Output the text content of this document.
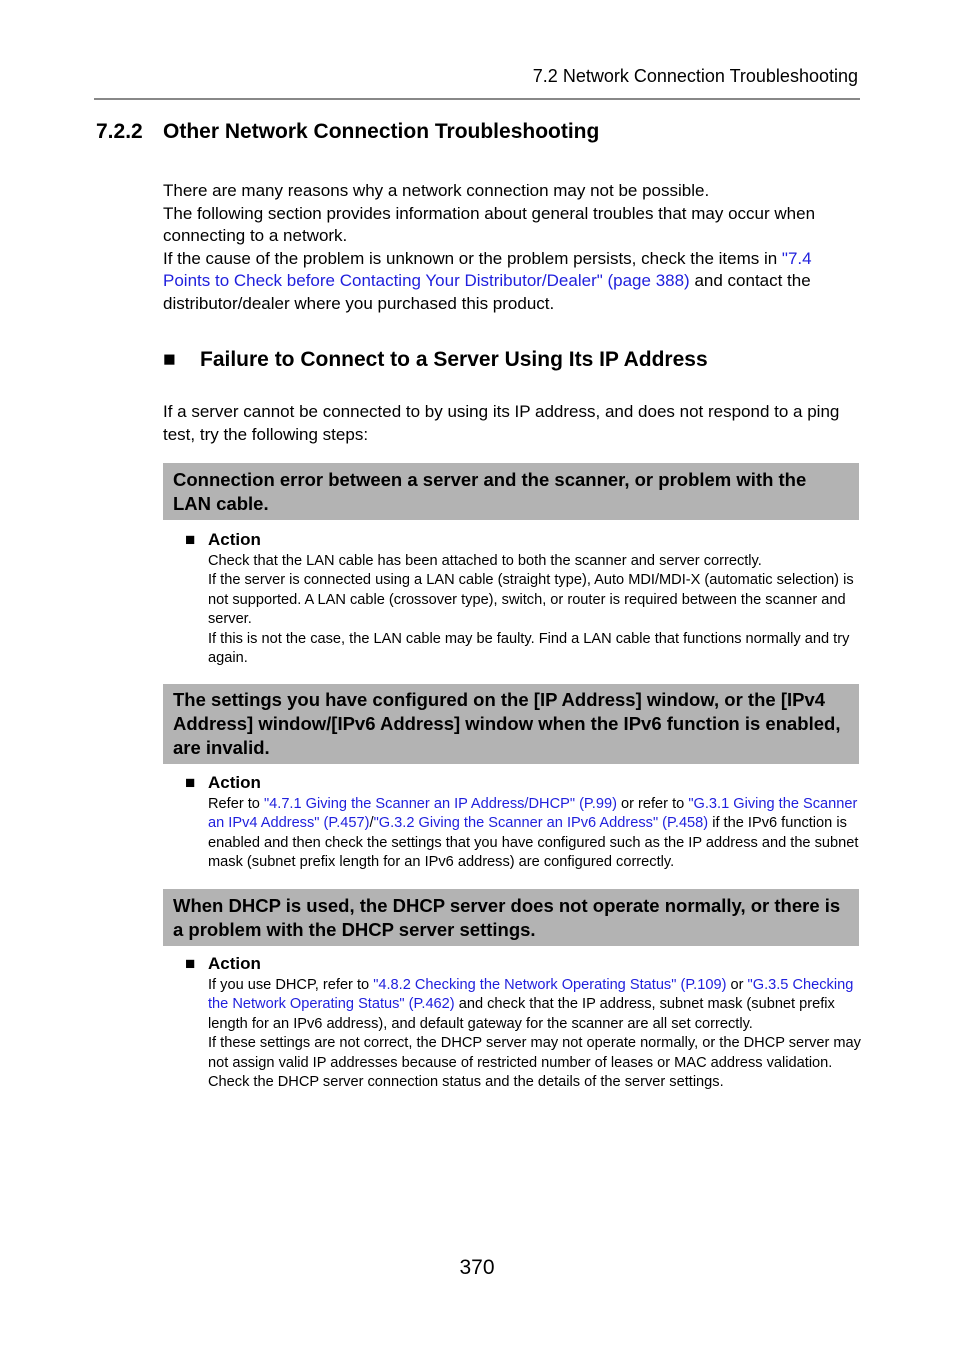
7.2 Network Connection Troubleshooting
7.2.2 Other Network Connection Troubleshooting

There are many reasons why a network connection may not be possible.

The following section provides information about general troubles that may occur when connecting to a network.

If the cause of the problem is unknown or the problem persists, check the items in "7.4 Points to Check before Contacting Your Distributor/Dealer" (page 388) and contact the distributor/dealer where you purchased this product.

■ Failure to Connect to a Server Using Its IP Address

If a server cannot be connected to by using its IP address, and does not respond to a ping test, try the following steps:

Connection error between a server and the scanner, or problem with the LAN cable.
■ Action

Check that the LAN cable has been attached to both the scanner and server correctly.

If the server is connected using a LAN cable (straight type), Auto MDI/MDI-X (automatic selection) is not supported. A LAN cable (crossover type), switch, or router is required between the scanner and server.

If this is not the case, the LAN cable may be faulty. Find a LAN cable that functions normally and try again.

The settings you have configured on the [IP Address] window, or the [IPv4 Address] window/[IPv6 Address] window when the IPv6 function is enabled, are invalid.
■ Action

Refer to "4.7.1 Giving the Scanner an IP Address/DHCP" (P.99) or refer to "G.3.1 Giving the Scanner an IPv4 Address" (P.457)/"G.3.2 Giving the Scanner an IPv6 Address" (P.458) if the IPv6 function is enabled and then check the settings that you have configured such as the IP address and the subnet mask (subnet prefix length for an IPv6 address) are configured correctly.

When DHCP is used, the DHCP server does not operate normally, or there is a problem with the DHCP server settings.
■ Action

If you use DHCP, refer to "4.8.2 Checking the Network Operating Status" (P.109) or "G.3.5 Checking the Network Operating Status" (P.462) and check that the IP address, subnet mask (subnet prefix length for an IPv6 address), and default gateway for the scanner are all set correctly.

If these settings are not correct, the DHCP server may not operate normally, or the DHCP server may not assign valid IP addresses because of restricted number of leases or MAC address validation.

Check the DHCP server connection status and the details of the server settings.

370
